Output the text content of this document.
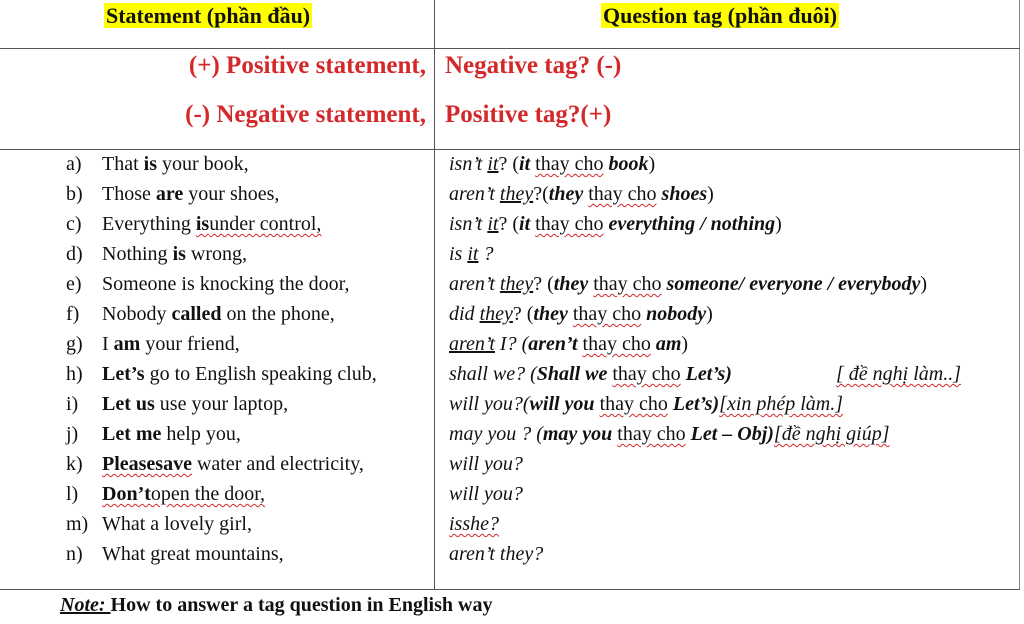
Statement (phần đầu)	Question tag (phần đuôi)
(+) Positive statement, Negative tag? (-)
(-) Negative statement, Positive tag?(+)
a)	That is your book,	isn’t it? (it thay cho book)
b) Those are your shoes,	aren’t they?(they thay cho shoes)
c)	Everything isunder control,	isn’t it? (it thay cho everything / nothing)
d) Nothing is wrong,	is it ?
e)	Someone is knocking the door,	aren’t they? (they thay cho someone/ everyone / everybody)
f)	Nobody called on the phone,	did they? (they thay cho nobody)
g) I am your friend,	aren’t I? (aren’t thay cho am)
h) Let’s go to English speaking club,	shall we? (Shall we thay cho Let’s)	[ đề nghị làm..]
i)	Let us use your laptop,	will you?(will you thay cho Let’s)[xin phép làm.]
j)	Let me help you,	may you ? (may you thay cho Let – Obj)[đề nghị giúp]
k) Pleasesave water and electricity,	will you?
l)	Don’topen the door,	will you?
m) What a lovely girl,	isshe?
n) What great mountains,	aren’t they?
Note: How to answer a tag question in English way
